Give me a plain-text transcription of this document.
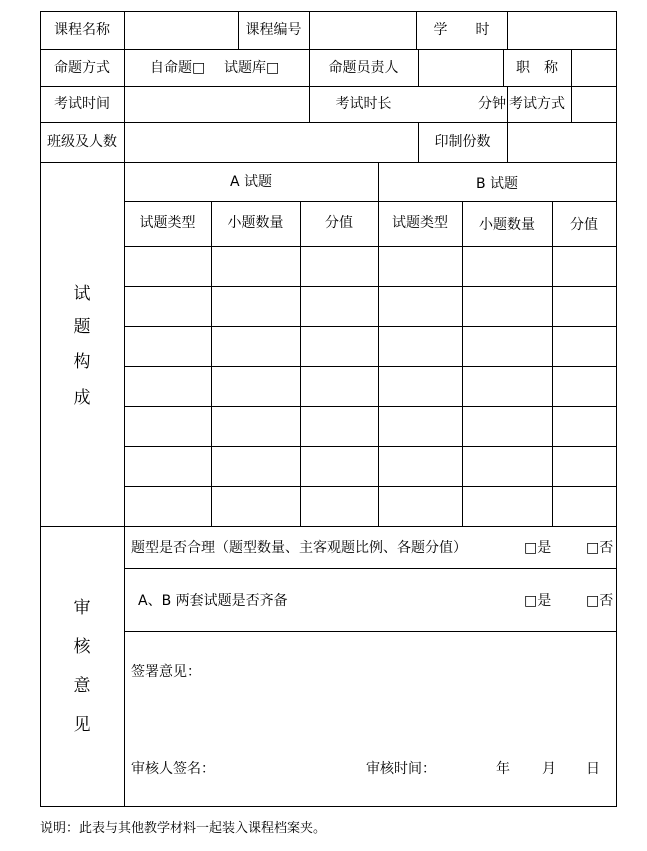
课程名称	课程编号	学　　时
命题方式	自命题□ 试题库□	命题员责人	职　称
考试时间	考试时长	分钟 考试方式
班级及人数	印制份数
试
题
构
成
A 试题	B 试题
试题类型	小题数量	分值	试题类型	小题数量	分值
审
核
意
见
题型是否合理（题型数量、主客观题比例、各题分值）	□是 □否
A、B 两套试题是否齐备	□是 □否
签署意见：
审核人签名：	审核时间：	年 月 日
说明：此表与其他教学材料一起装入课程档案夹。
